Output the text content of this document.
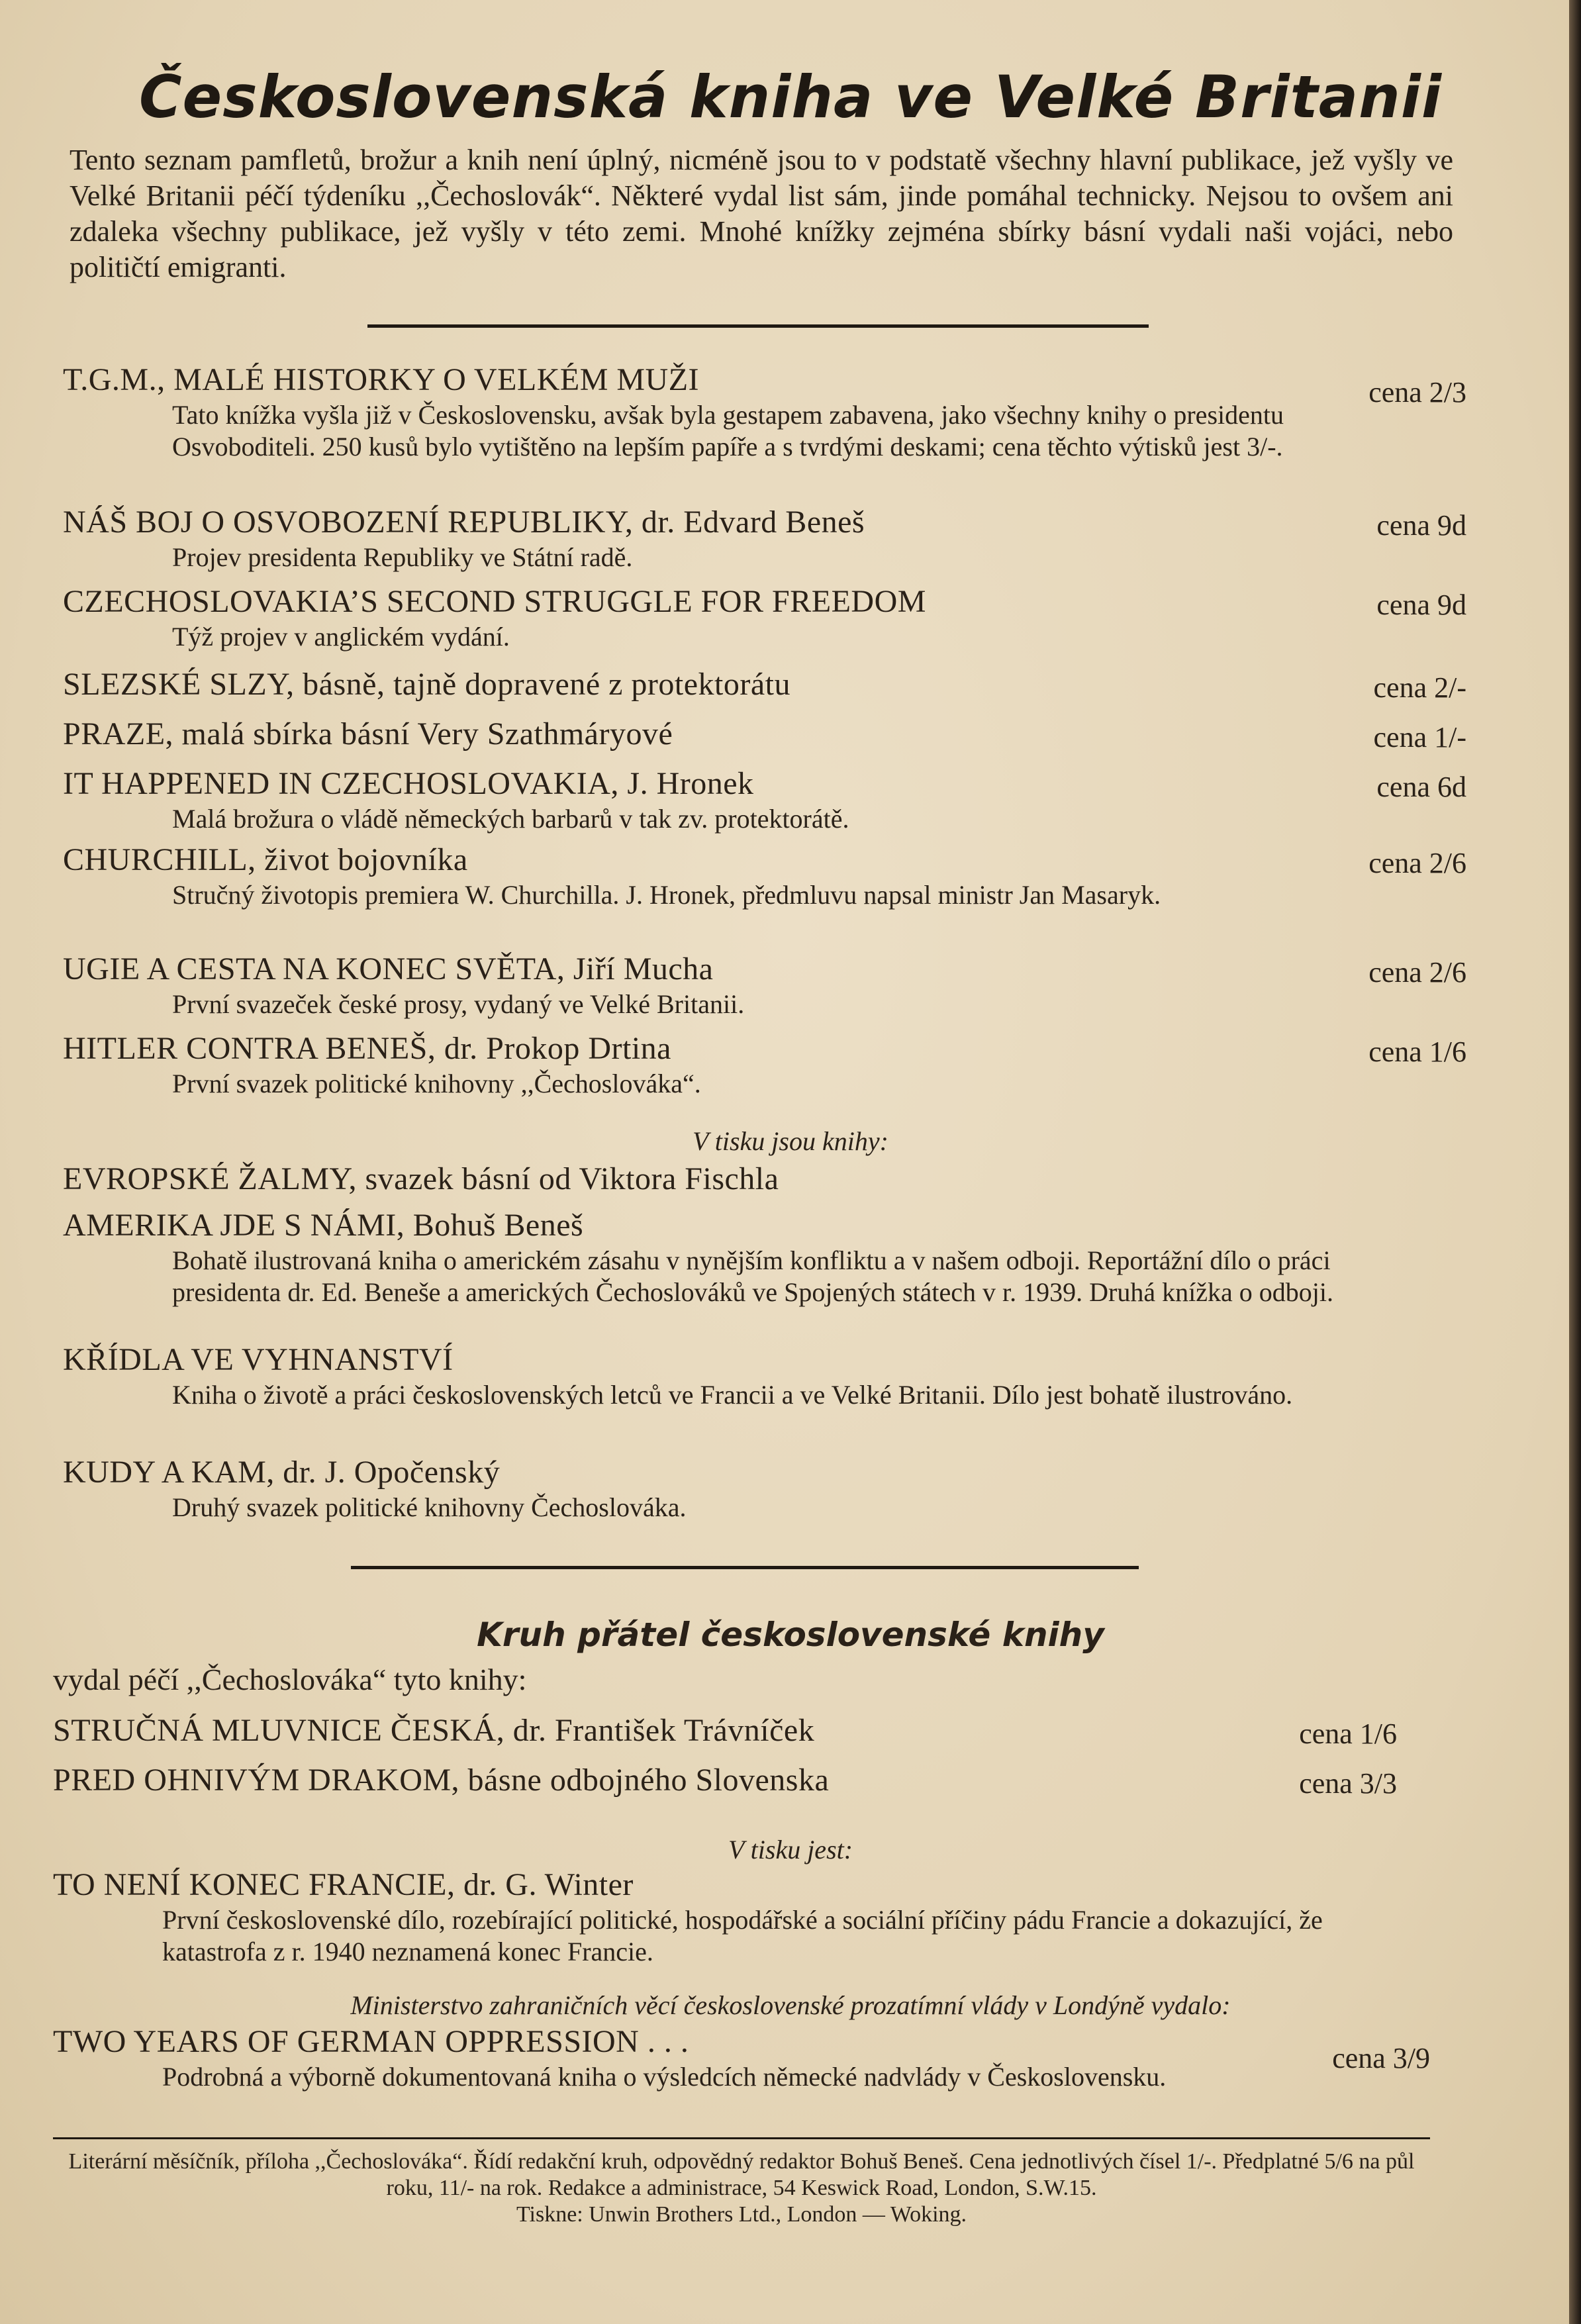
Československá kniha ve Velké Britanii
Tento seznam pamfletů, brožur a knih není úplný, nicméně jsou to v podstatě všechny hlavní publikace, jež vyšly ve Velké Britanii péčí týdeníku ,,Čechoslovák“. Některé vydal list sám, jinde pomáhal technicky. Nejsou to ovšem ani zdaleka všechny publikace, jež vyšly v této zemi. Mnohé knížky zejména sbírky básní vydali naši vojáci, nebo političtí emigranti.
T.G.M., MALÉ HISTORKY O VELKÉM MUŽI	cena 2/3
Tato knížka vyšla již v Československu, avšak byla gestapem zabavena, jako všechny knihy o presidentu Osvoboditeli. 250 kusů bylo vytištěno na lepším papíře a s tvrdými deskami; cena těchto výtisků jest 3/-.
NÁŠ BOJ O OSVOBOZENÍ REPUBLIKY, dr. Edvard Beneš	cena 9d
Projev presidenta Republiky ve Státní radě.
CZECHOSLOVAKIA’S SECOND STRUGGLE FOR FREEDOM	cena 9d
Týž projev v anglickém vydání.
SLEZSKÉ SLZY, básně, tajně dopravené z protektorátu	cena 2/-
PRAZE, malá sbírka básní Very Szathmáryové	cena 1/-
IT HAPPENED IN CZECHOSLOVAKIA, J. Hronek	cena 6d
Malá brožura o vládě německých barbarů v tak zv. protektorátě.
CHURCHILL, život bojovníka	cena 2/6
Stručný životopis premiera W. Churchilla. J. Hronek, předmluvu napsal ministr Jan Masaryk.
UGIE A CESTA NA KONEC SVĚTA, Jiří Mucha	cena 2/6
První svazeček české prosy, vydaný ve Velké Britanii.
HITLER CONTRA BENEŠ, dr. Prokop Drtina	cena 1/6
První svazek politické knihovny ,,Čechoslováka“.
V tisku jsou knihy:
EVROPSKÉ ŽALMY, svazek básní od Viktora Fischla
AMERIKA JDE S NÁMI, Bohuš Beneš
Bohatě ilustrovaná kniha o americkém zásahu v nynějším konfliktu a v našem odboji. Reportážní dílo o práci presidenta dr. Ed. Beneše a amerických Čechoslováků ve Spojených státech v r. 1939. Druhá knížka o odboji.
KŘÍDLA VE VYHNANSTVÍ
Kniha o životě a práci československých letců ve Francii a ve Velké Britanii. Dílo jest bohatě ilustrováno.
KUDY A KAM, dr. J. Opočenský
Druhý svazek politické knihovny Čechoslováka.
Kruh přátel československé knihy
vydal péčí ,,Čechoslováka“ tyto knihy:
STRUČNÁ MLUVNICE ČESKÁ, dr. František Trávníček	cena 1/6
PRED OHNIVÝM DRAKOM, básne odbojného Slovenska	cena 3/3
V tisku jest:
TO NENÍ KONEC FRANCIE, dr. G. Winter
První československé dílo, rozebírající politické, hospodářské a sociální příčiny pádu Francie a dokazující, že katastrofa z r. 1940 neznamená konec Francie.
Ministerstvo zahraničních věcí československé prozatímní vlády v Londýně vydalo:
TWO YEARS OF GERMAN OPPRESSION . . .	cena 3/9
Podrobná a výborně dokumentovaná kniha o výsledcích německé nadvlády v Československu.
Literární měsíčník, příloha ,,Čechoslováka“. Řídí redakční kruh, odpovědný redaktor Bohuš Beneš. Cena jednotlivých čísel 1/-. Předplatné 5/6 na půl roku, 11/- na rok. Redakce a administrace, 54 Keswick Road, London, S.W.15.
Tiskne: Unwin Brothers Ltd., London — Woking.
